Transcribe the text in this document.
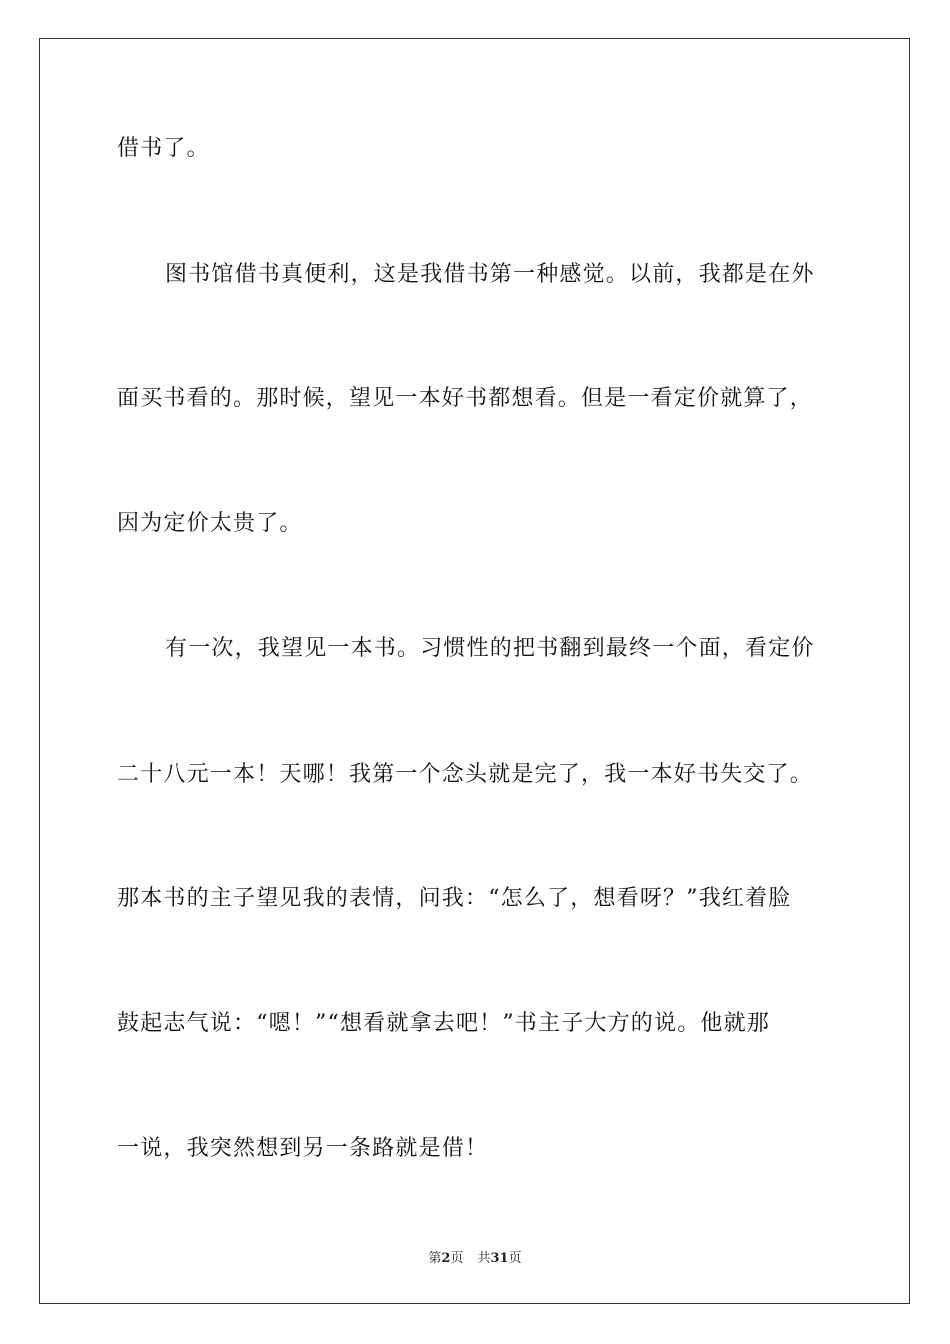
借书了。
图书馆借书真便利，这是我借书第一种感觉。以前，我都是在外
面买书看的。那时候，望见一本好书都想看。但是一看定价就算了，
因为定价太贵了。
有一次，我望见一本书。习惯性的把书翻到最终一个面，看定价
二十八元一本！天哪！我第一个念头就是完了，我一本好书失交了。
那本书的主子望见我的表情，问我：“怎么了，想看呀？”我红着脸
鼓起志气说：“嗯！”“想看就拿去吧！”书主子大方的说。他就那
一说，我突然想到另一条路就是借！
第2页 共31页
